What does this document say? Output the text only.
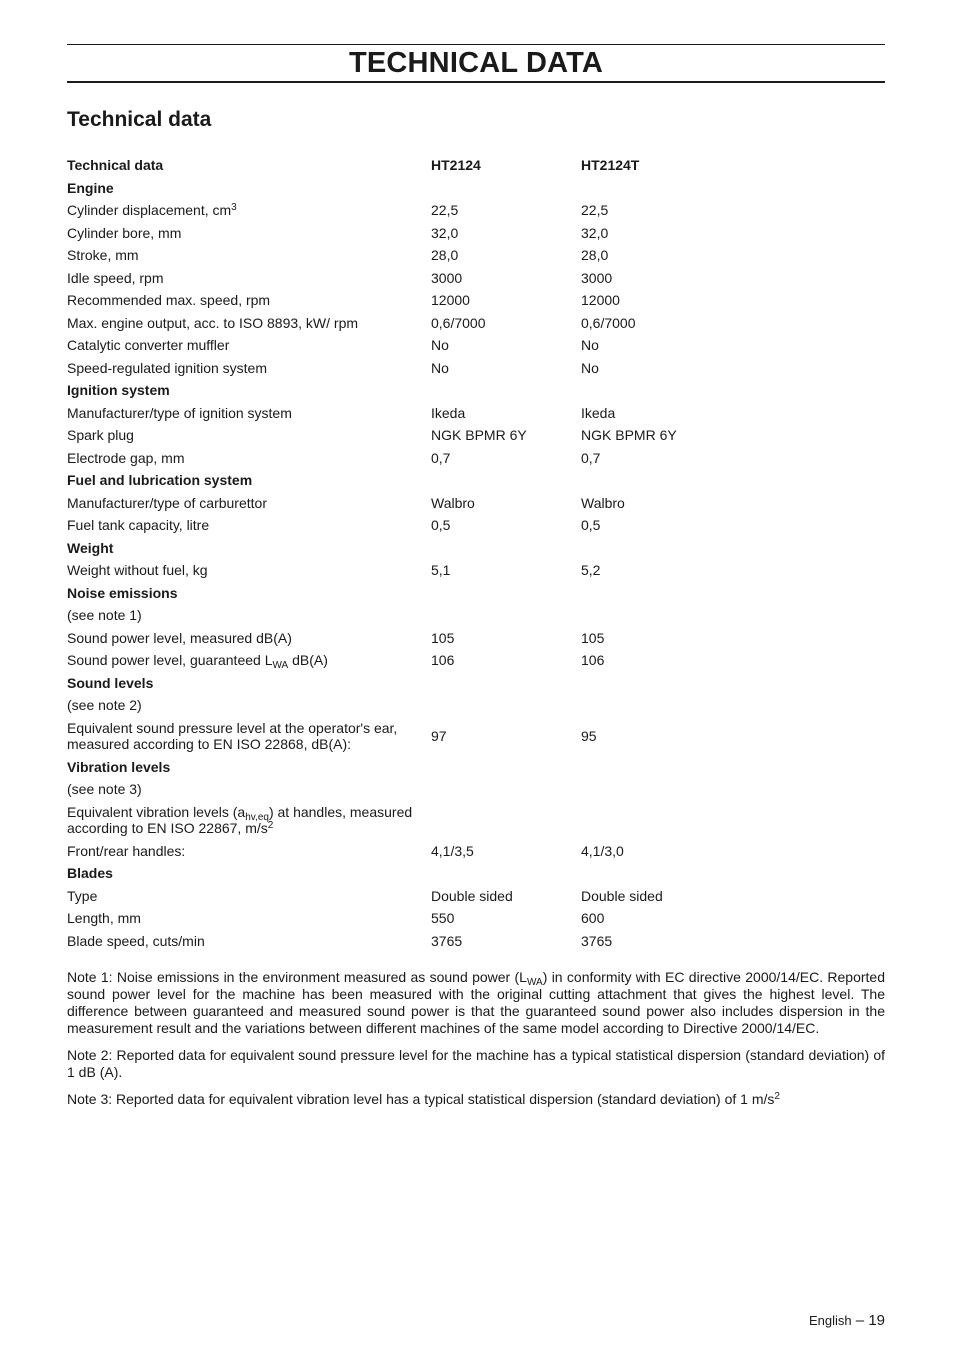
TECHNICAL DATA
Technical data
Technical data	HT2124	HT2124T
Engine		
Cylinder displacement, $cm^3$	22,5	22,5
Cylinder bore, mm	32,0	32,0
Stroke, mm	28,0	28,0
Idle speed, rpm	3000	3000
Recommended max. speed, rpm	12000	12000
Max. engine output, acc. to ISO 8893, kW/ rpm	0,6/7000	0,6/7000
Catalytic converter muffler	No	No
Speed-regulated ignition system	No	No
Ignition system		
Manufacturer/type of ignition system	Ikeda	Ikeda
Spark plug	NGK BPMR 6Y	NGK BPMR 6Y
Electrode gap, mm	0,7	0,7
Fuel and lubrication system		
Manufacturer/type of carburettor	Walbro	Walbro
Fuel tank capacity, litre	0,5	0,5
Weight		
Weight without fuel, kg	5,1	5,2
Noise emissions		
(see note 1)		
Sound power level, measured dB(A)	105	105
Sound power level, guaranteed $L_{WA}$ dB(A)	106	106
Sound levels		
(see note 2)		
Equivalent sound pressure level at the operator's ear,
measured according to EN ISO 22868, dB(A):	97	95
Vibration levels		
(see note 3)		
Equivalent vibration levels $(a_{hv,eq})$ at handles, measured
according to EN ISO 22867, $m/s^2$
Front/rear handles:	4,1/3,5	4,1/3,0
Blades		
Type	Double sided	Double sided
Length, mm	550	600
Blade speed, cuts/min	3765	3765

Note 1: Noise emissions in the environment measured as sound power $(L_{WA})$ in conformity with EC directive 2000/14/EC. Reported sound power level for the machine has been measured with the original cutting attachment that gives the highest level. The difference between guaranteed and measured sound power is that the guaranteed sound power also includes dispersion in the measurement result and the variations between different machines of the same model according to Directive 2000/14/EC.

Note 2: Reported data for equivalent sound pressure level for the machine has a typical statistical dispersion (standard deviation) of 1 dB (A).

Note 3: Reported data for equivalent vibration level has a typical statistical dispersion (standard deviation) of 1 $m/s^2$

English – 19
